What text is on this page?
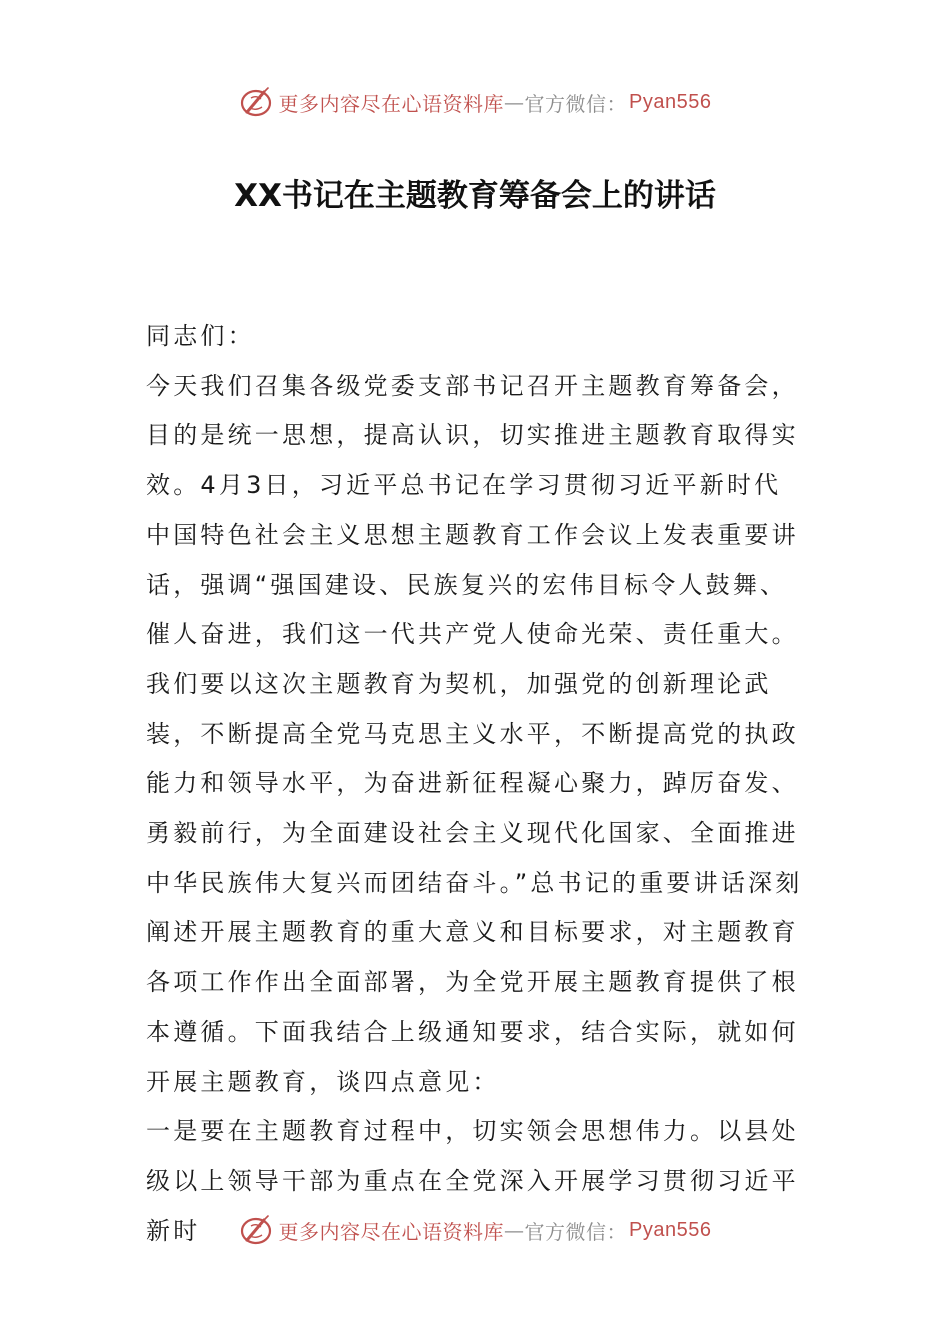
更多内容尽在心语资料库 — 官方微信： Pyan556
XX书记在主题教育筹备会上的讲话

同志们：

今天我们召集各级党委支部书记召开主题教育筹备会，目的是统一思想，提高认识，切实推进主题教育取得实效。4月3日，习近平总书记在学习贯彻习近平新时代中国特色社会主义思想主题教育工作会议上发表重要讲话，强调“强国建设、民族复兴的宏伟目标令人鼓舞、催人奋进，我们这一代共产党人使命光荣、责任重大。我们要以这次主题教育为契机，加强党的创新理论武装，不断提高全党马克思主义水平，不断提高党的执政能力和领导水平，为奋进新征程凝心聚力，踔厉奋发、勇毅前行，为全面建设社会主义现代化国家、全面推进中华民族伟大复兴而团结奋斗。”总书记的重要讲话深刻阐述开展主题教育的重大意义和目标要求，对主题教育各项工作作出全面部署，为全党开展主题教育提供了根本遵循。下面我结合上级通知要求，结合实际，就如何开展主题教育，谈四点意见：

一是要在主题教育过程中，切实领会思想伟力。以县处级以上领导干部为重点在全党深入开展学习贯彻习近平新时	更多内容尽在心语资料库 — 官方微信： Pyan556
